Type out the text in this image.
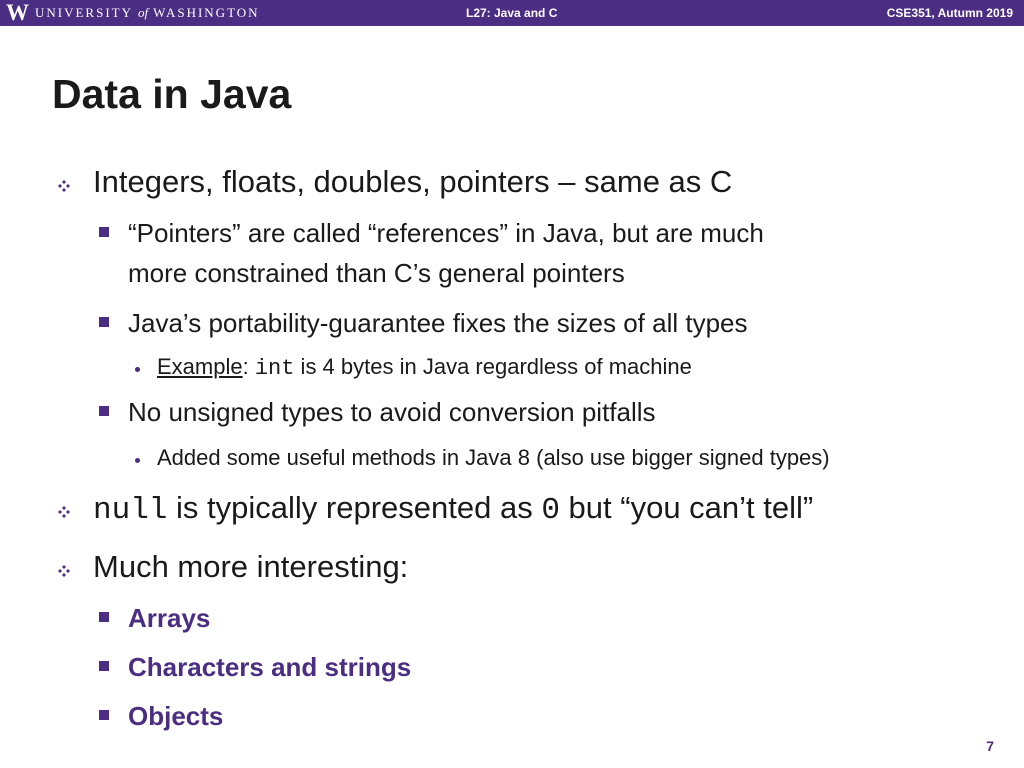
W UNIVERSITY of WASHINGTON	L27: Java and C	CSE351, Autumn 2019
Data in Java
Integers, floats, doubles, pointers – same as C
“Pointers” are called “references” in Java, but are much
more constrained than C’s general pointers
Java’s portability-guarantee fixes the sizes of all types
Example: int is 4 bytes in Java regardless of machine
No unsigned types to avoid conversion pitfalls
Added some useful methods in Java 8 (also use bigger signed types)
null is typically represented as 0 but “you can’t tell”
Much more interesting:
Arrays
Characters and strings
Objects
7
